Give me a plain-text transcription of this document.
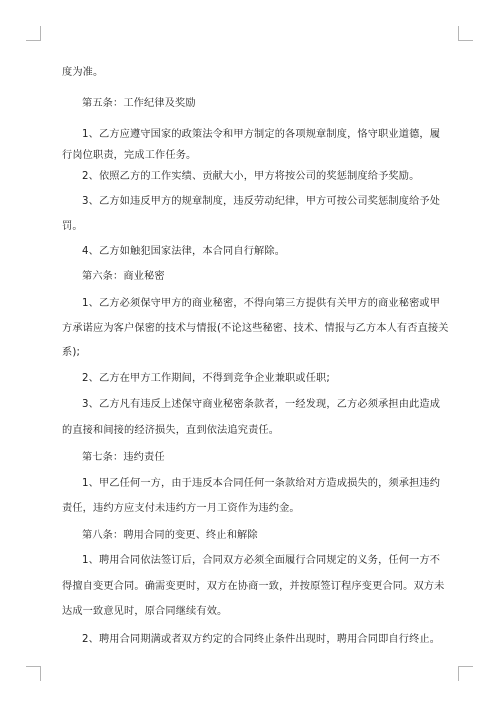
度为准。
第五条：工作纪律及奖励
1、乙方应遵守国家的政策法令和甲方制定的各项规章制度，恪守职业道德，履
行岗位职责，完成工作任务。
2、依照乙方的工作实绩、贡献大小，甲方将按公司的奖惩制度给予奖励。
3、乙方如违反甲方的规章制度，违反劳动纪律，甲方可按公司奖惩制度给予处
罚。
4、乙方如触犯国家法律，本合同自行解除。
第六条：商业秘密
1、乙方必须保守甲方的商业秘密，不得向第三方提供有关甲方的商业秘密或甲
方承诺应为客户保密的技术与情报(不论这些秘密、技术、情报与乙方本人有否直接关
系);
2、乙方在甲方工作期间，不得到竞争企业兼职或任职;
3、乙方凡有违反上述保守商业秘密条款者，一经发现，乙方必须承担由此造成
的直接和间接的经济损失，直到依法追究责任。
第七条：违约责任
1、甲乙任何一方，由于违反本合同任何一条款给对方造成损失的，须承担违约
责任，违约方应支付未违约方一月工资作为违约金。
第八条：聘用合同的变更、终止和解除
1、聘用合同依法签订后，合同双方必须全面履行合同规定的义务，任何一方不
得擅自变更合同。确需变更时，双方在协商一致，并按原签订程序变更合同。双方未
达成一致意见时，原合同继续有效。
2、聘用合同期满或者双方约定的合同终止条件出现时，聘用合同即自行终止。
